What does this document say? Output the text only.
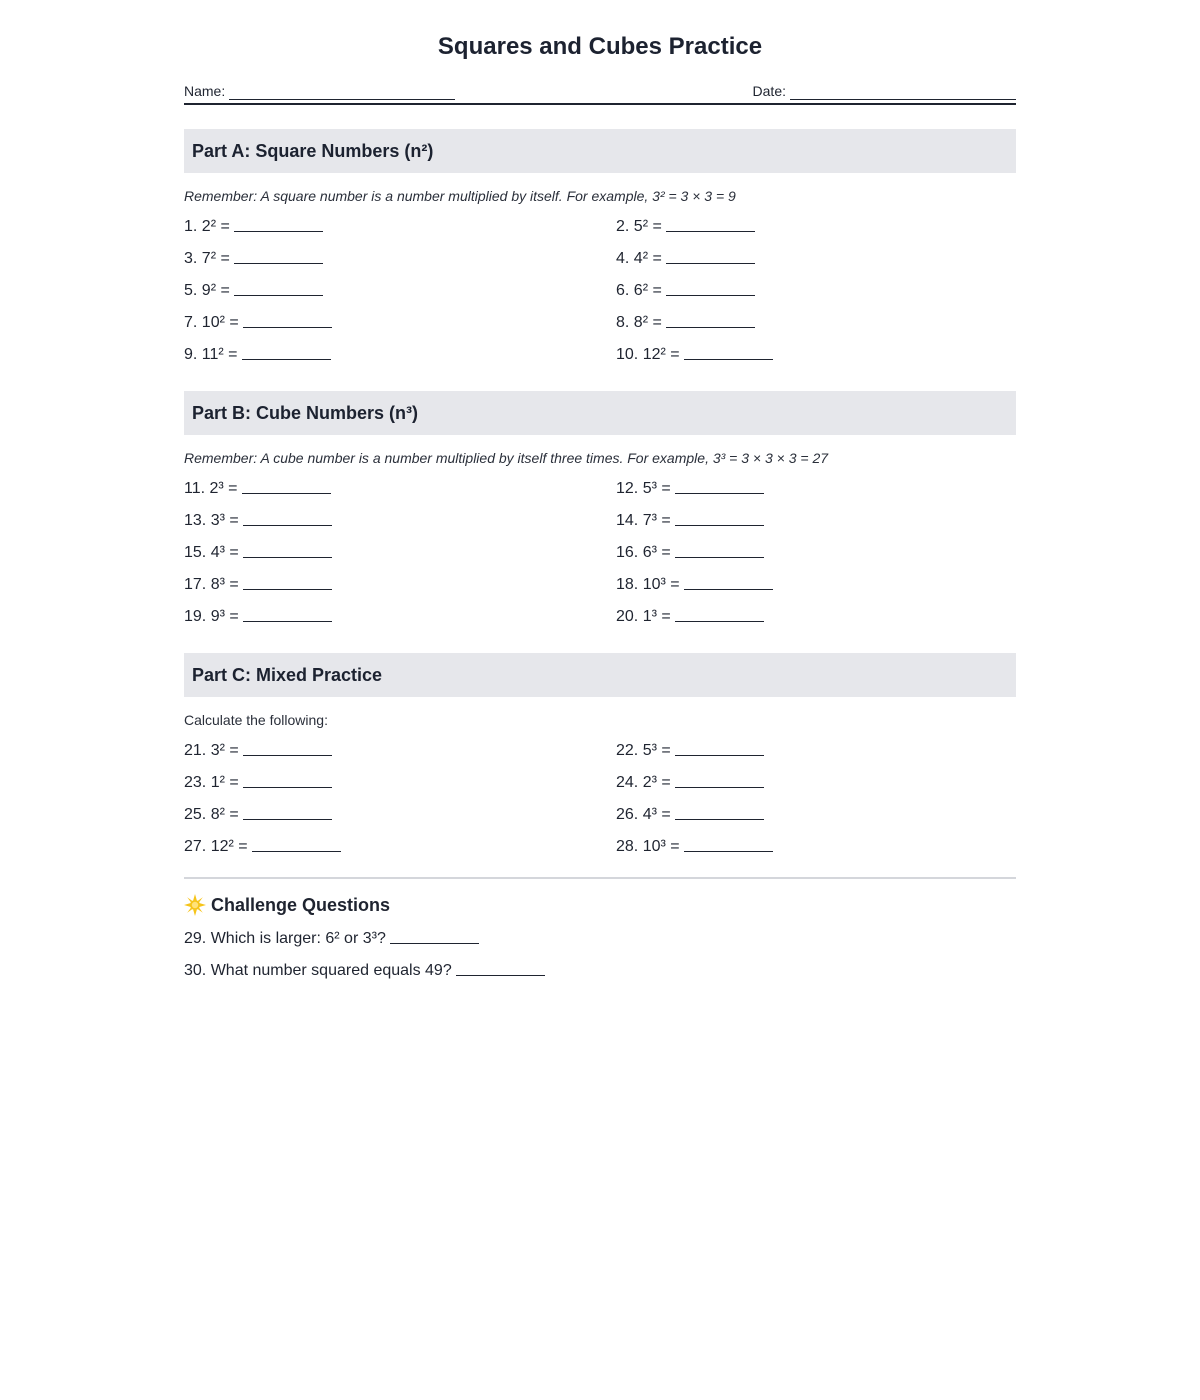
Squares and Cubes Practice
Name:	Date:
Part A: Square Numbers (n²)
Remember: A square number is a number multiplied by itself. For example, 3² = 3 × 3 = 9
1. 2² =	2. 5² =
3. 7² =	4. 4² =
5. 9² =	6. 6² =
7. 10² =	8. 8² =
9. 11² =	10. 12² =
Part B: Cube Numbers (n³)
Remember: A cube number is a number multiplied by itself three times. For example, 3³ = 3 × 3 × 3 = 27
11. 2³ =	12. 5³ =
13. 3³ =	14. 7³ =
15. 4³ =	16. 6³ =
17. 8³ =	18. 10³ =
19. 9³ =	20. 1³ =
Part C: Mixed Practice
Calculate the following:
21. 3² =	22. 5³ =
23. 1² =	24. 2³ =
25. 8² =	26. 4³ =
27. 12² =	28. 10³ =
Challenge Questions
29. Which is larger: 6² or 3³?
30. What number squared equals 49?
